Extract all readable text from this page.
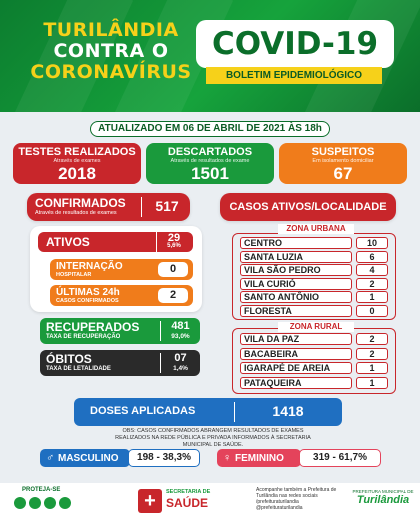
TURILÂNDIA
CONTRA O
CORONAVÍRUS
COVID-19
BOLETIM EPIDEMIOLÓGICO
ATUALIZADO EM 06 DE ABRIL DE 2021 ÀS 18h
TESTES REALIZADOS
Através de exames
2018
DESCARTADOS
Através de resultados de exame
1501
SUSPEITOS
Em isolamento domiciliar
67
CONFIRMADOS
Através de resultados de exames	517
ATIVOS	29
5,6%
INTERNAÇÃO
HOSPITALAR	0
ÚLTIMAS 24h
CASOS CONFIRMADOS	2
RECUPERADOS
TAXA DE RECUPERAÇÃO
481
93,0%
ÓBITOS
TAXA DE LETALIDADE
07
1,4%
CASOS ATIVOS/LOCALIDADE
ZONA URBANA
CENTRO	10
SANTA LUZIA	6
VILA SÃO PEDRO	4
VILA CURIÓ	2
SANTO ANTÔNIO	1
FLORESTA	0
ZONA RURAL
VILA DA PAZ	2
BACABEIRA	2
IGARAPÉ DE AREIA	1
PATAQUEIRA	1
DOSES APLICADAS	1418
OBS: CASOS CONFIRMADOS ABRANGEM RESULTADOS DE EXAMES REALIZADOS NA REDE PÚBLICA E PRIVADA INFORMADOS À SECRETARIA MUNICIPAL DE SAÚDE.
♂ MASCULINO	198 - 38,3%	♀ FEMININO	319 - 61,7%
PROTEJA-SE	+	SECRETARIA DE
SAÚDE
Acompanhe também a Prefeitura de
Turilândia nas redes sociais
/prefeituraturilandia
@prefeituraturilandia
PREFEITURA MUNICIPAL DE
Turilândia
